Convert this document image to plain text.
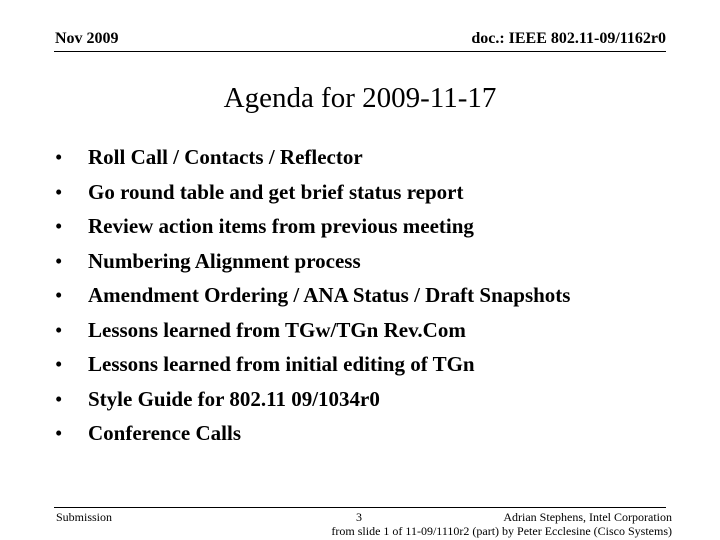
Nov 2009	doc.: IEEE 802.11-09/1162r0
Agenda for 2009-11-17
• Roll Call / Contacts / Reflector
• Go round table and get brief status report
• Review action items from previous meeting
• Numbering Alignment process
• Amendment Ordering / ANA Status / Draft Snapshots
• Lessons learned from TGw/TGn Rev.Com
• Lessons learned from initial editing of TGn
• Style Guide for 802.11 09/1034r0
• Conference Calls
Submission	3	Adrian Stephens, Intel Corporation
from slide 1 of 11-09/1110r2 (part) by Peter Ecclesine (Cisco Systems)
